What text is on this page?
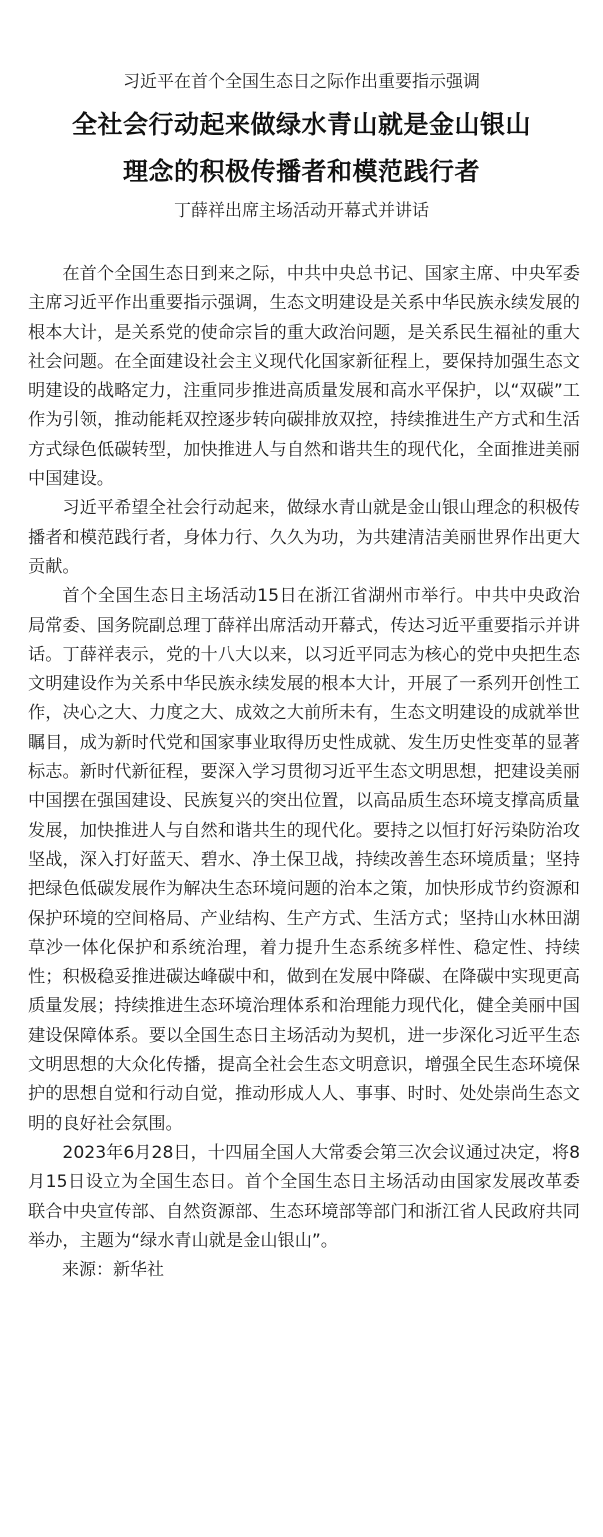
习近平在首个全国生态日之际作出重要指示强调
全社会行动起来做绿水青山就是金山银山
理念的积极传播者和模范践行者
丁薛祥出席主场活动开幕式并讲话

在首个全国生态日到来之际，中共中央总书记、国家主席、中央军委主席习近平作出重要指示强调，生态文明建设是关系中华民族永续发展的根本大计，是关系党的使命宗旨的重大政治问题，是关系民生福祉的重大社会问题。在全面建设社会主义现代化国家新征程上，要保持加强生态文明建设的战略定力，注重同步推进高质量发展和高水平保护，以“双碳”工作为引领，推动能耗双控逐步转向碳排放双控，持续推进生产方式和生活方式绿色低碳转型，加快推进人与自然和谐共生的现代化，全面推进美丽中国建设。

习近平希望全社会行动起来，做绿水青山就是金山银山理念的积极传播者和模范践行者，身体力行、久久为功，为共建清洁美丽世界作出更大贡献。

首个全国生态日主场活动15日在浙江省湖州市举行。中共中央政治局常委、国务院副总理丁薛祥出席活动开幕式，传达习近平重要指示并讲话。丁薛祥表示，党的十八大以来，以习近平同志为核心的党中央把生态文明建设作为关系中华民族永续发展的根本大计，开展了一系列开创性工作，决心之大、力度之大、成效之大前所未有，生态文明建设的成就举世瞩目，成为新时代党和国家事业取得历史性成就、发生历史性变革的显著标志。新时代新征程，要深入学习贯彻习近平生态文明思想，把建设美丽中国摆在强国建设、民族复兴的突出位置，以高品质生态环境支撑高质量发展，加快推进人与自然和谐共生的现代化。要持之以恒打好污染防治攻坚战，深入打好蓝天、碧水、净土保卫战，持续改善生态环境质量；坚持把绿色低碳发展作为解决生态环境问题的治本之策，加快形成节约资源和保护环境的空间格局、产业结构、生产方式、生活方式；坚持山水林田湖草沙一体化保护和系统治理，着力提升生态系统多样性、稳定性、持续性；积极稳妥推进碳达峰碳中和，做到在发展中降碳、在降碳中实现更高质量发展；持续推进生态环境治理体系和治理能力现代化，健全美丽中国建设保障体系。要以全国生态日主场活动为契机，进一步深化习近平生态文明思想的大众化传播，提高全社会生态文明意识，增强全民生态环境保护的思想自觉和行动自觉，推动形成人人、事事、时时、处处崇尚生态文明的良好社会氛围。

2023年6月28日，十四届全国人大常委会第三次会议通过决定，将8月15日设立为全国生态日。首个全国生态日主场活动由国家发展改革委联合中央宣传部、自然资源部、生态环境部等部门和浙江省人民政府共同举办，主题为“绿水青山就是金山银山”。

来源：新华社
